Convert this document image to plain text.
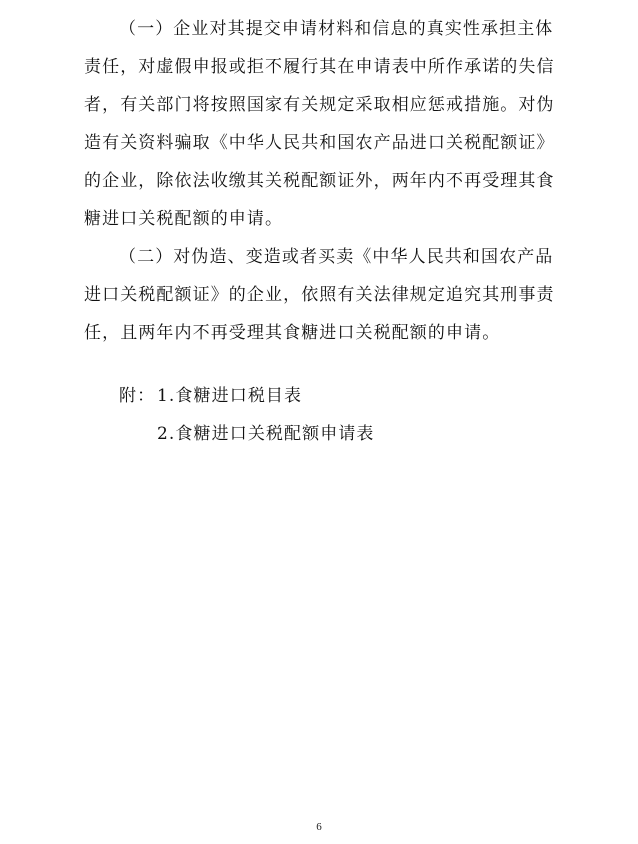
（一）企业对其提交申请材料和信息的真实性承担主体
责任，对虚假申报或拒不履行其在申请表中所作承诺的失信
者，有关部门将按照国家有关规定采取相应惩戒措施。对伪
造有关资料骗取《中华人民共和国农产品进口关税配额证》
的企业，除依法收缴其关税配额证外，两年内不再受理其食
糖进口关税配额的申请。
（二）对伪造、变造或者买卖《中华人民共和国农产品
进口关税配额证》的企业，依照有关法律规定追究其刑事责
任，且两年内不再受理其食糖进口关税配额的申请。
附： 1.食糖进口税目表
2.食糖进口关税配额申请表
6
